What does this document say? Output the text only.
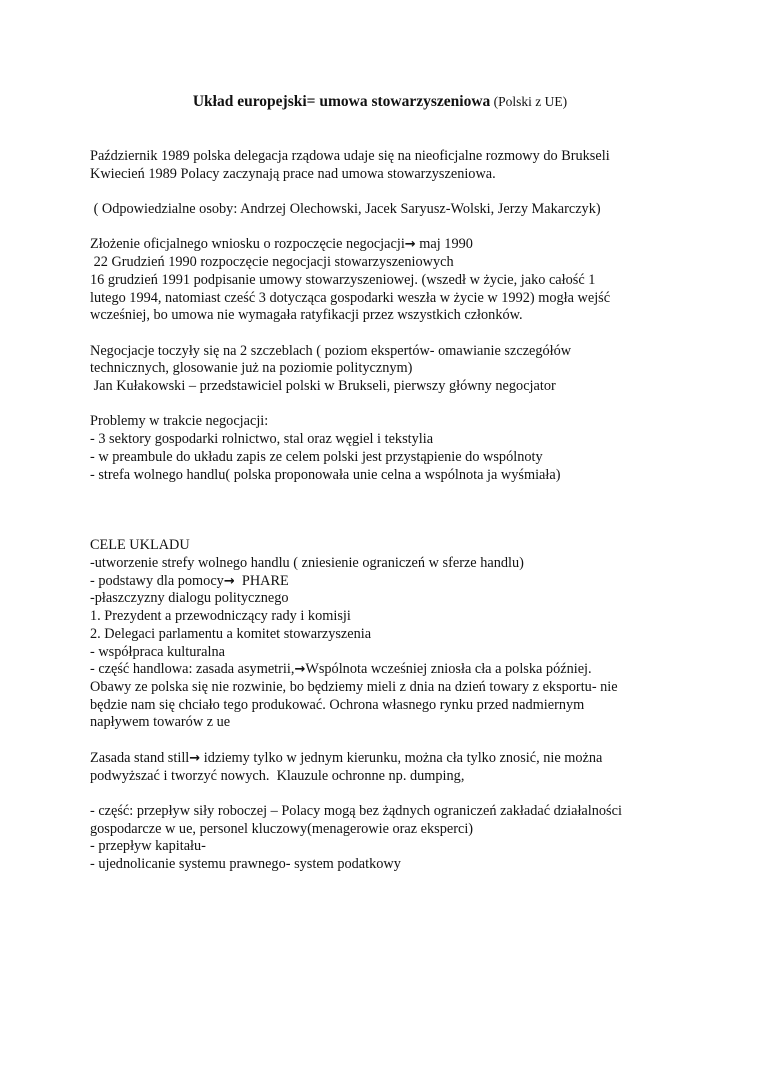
Układ europejski= umowa stowarzyszeniowa (Polski z UE)
Październik 1989 polska delegacja rządowa udaje się na nieoficjalne rozmowy do Brukseli
Kwiecień 1989 Polacy zaczynają prace nad umowa stowarzyszeniowa.
( Odpowiedzialne osoby: Andrzej Olechowski, Jacek Saryusz-Wolski, Jerzy Makarczyk)
Złożenie oficjalnego wniosku o rozpoczęcie negocjacji→ maj 1990
22 Grudzień 1990 rozpoczęcie negocjacji stowarzyszeniowych
16 grudzień 1991 podpisanie umowy stowarzyszeniowej. (wszedł w życie, jako całość 1
lutego 1994, natomiast cześć 3 dotycząca gospodarki weszła w życie w 1992) mogła wejść
wcześniej, bo umowa nie wymagała ratyfikacji przez wszystkich członków.
Negocjacje toczyły się na 2 szczeblach ( poziom ekspertów- omawianie szczegółów
technicznych, glosowanie już na poziomie politycznym)
Jan Kułakowski – przedstawiciel polski w Brukseli, pierwszy główny negocjator
Problemy w trakcie negocjacji:
- 3 sektory gospodarki rolnictwo, stal oraz węgiel i tekstylia
- w preambule do układu zapis ze celem polski jest przystąpienie do wspólnoty
- strefa wolnego handlu( polska proponowała unie celna a wspólnota ja wyśmiała)

CELE UKLADU
-utworzenie strefy wolnego handlu ( zniesienie ograniczeń w sferze handlu)
- podstawy dla pomocy→  PHARE
-płaszczyzny dialogu politycznego
1. Prezydent a przewodniczący rady i komisji
2. Delegaci parlamentu a komitet stowarzyszenia
- współpraca kulturalna
- część handlowa: zasada asymetrii,→Wspólnota wcześniej zniosła cła a polska później.
Obawy ze polska się nie rozwinie, bo będziemy mieli z dnia na dzień towary z eksportu- nie
będzie nam się chciało tego produkować. Ochrona własnego rynku przed nadmiernym
napływem towarów z ue
Zasada stand still→ idziemy tylko w jednym kierunku, można cła tylko znosić, nie można
podwyższać i tworzyć nowych.  Klauzule ochronne np. dumping,
- część: przepływ siły roboczej – Polacy mogą bez żądnych ograniczeń zakładać działalności
gospodarcze w ue, personel kluczowy(menagerowie oraz eksperci)
- przepływ kapitału-
- ujednolicanie systemu prawnego- system podatkowy
